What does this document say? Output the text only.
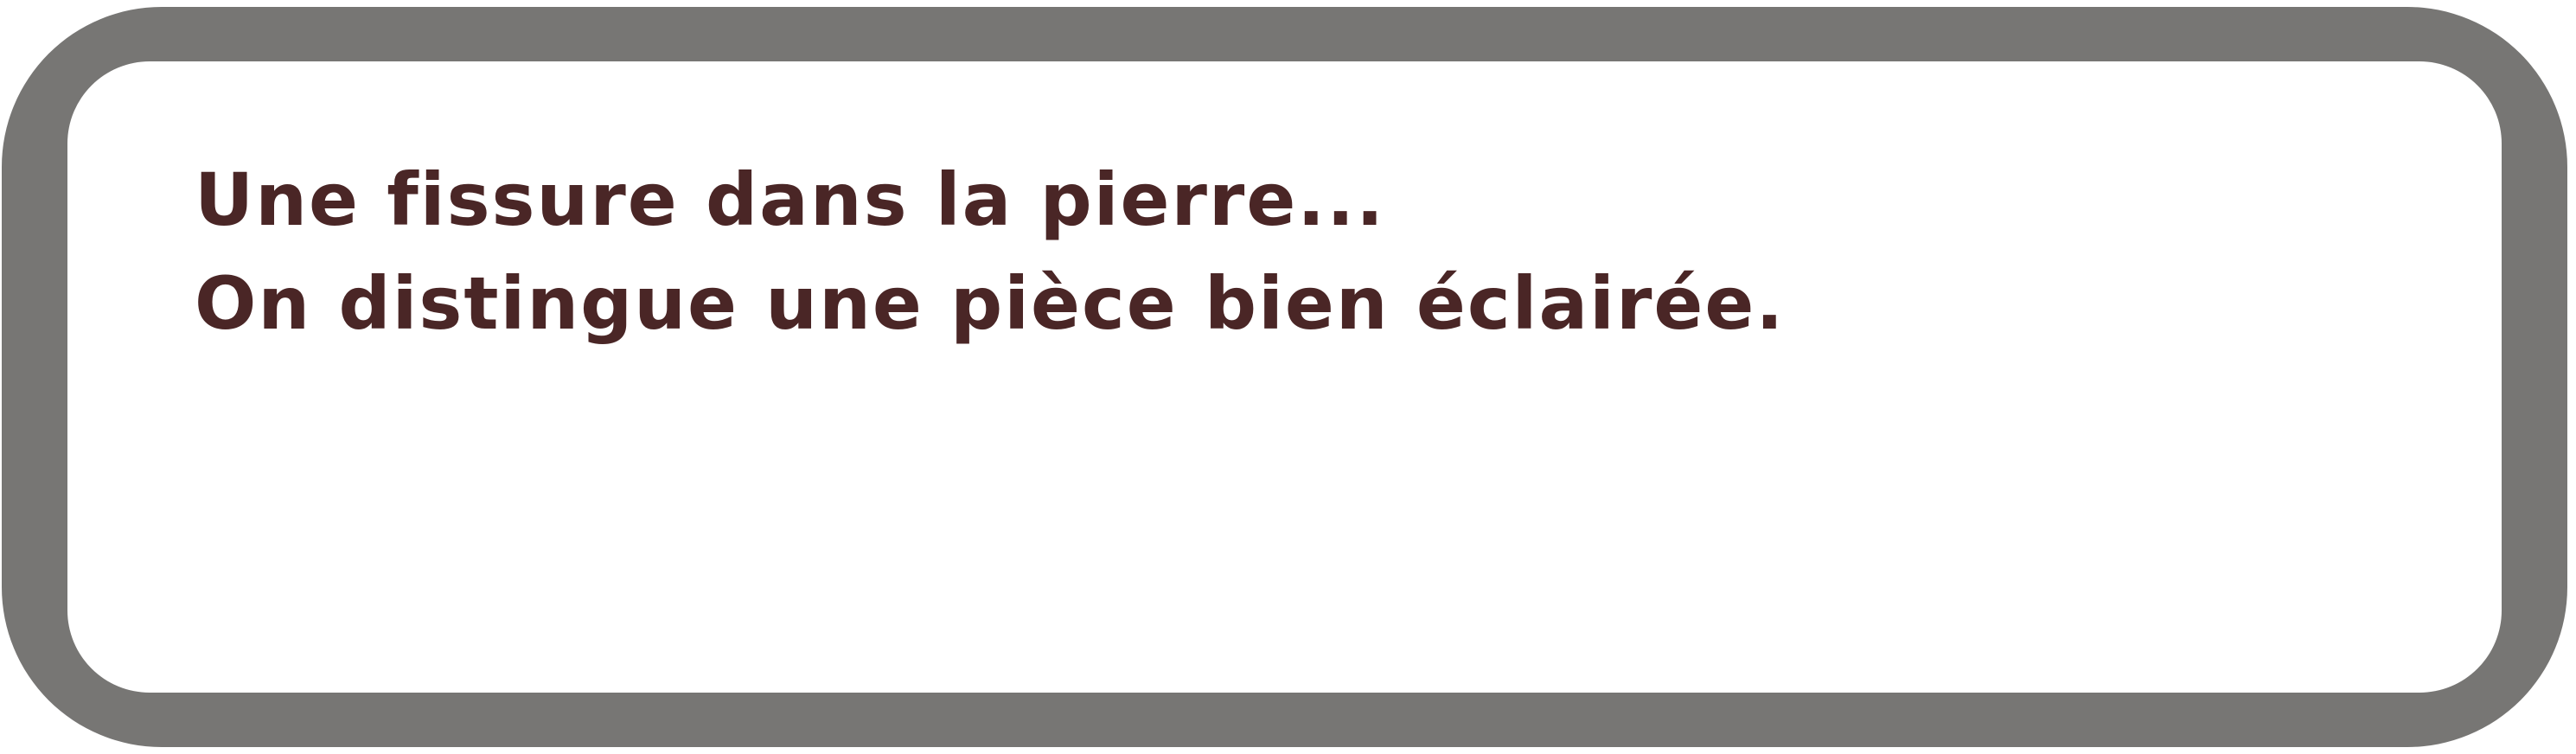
Une fissure dans la pierre...
On distingue une pièce bien éclairée.
